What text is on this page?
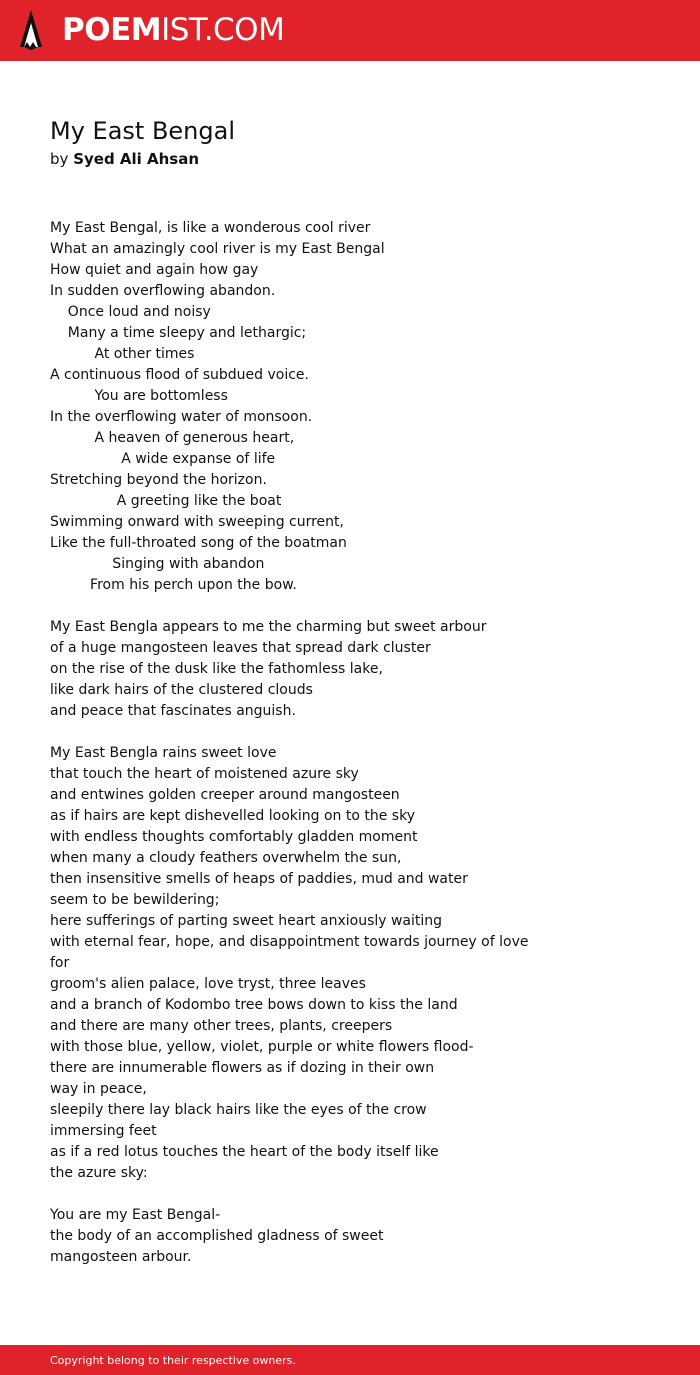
POEMIST.COM
My East Bengal
by Syed Ali Ahsan
My East Bengal, is like a wonderous cool river
What an amazingly cool river is my East Bengal
How quiet and again how gay
In sudden overflowing abandon.
Once loud and noisy
Many a time sleepy and lethargic;
At other times
A continuous flood of subdued voice.
You are bottomless
In the overflowing water of monsoon.
A heaven of generous heart,
A wide expanse of life
Stretching beyond the horizon.
A greeting like the boat
Swimming onward with sweeping current,
Like the full-throated song of the boatman
Singing with abandon
From his perch upon the bow.
My East Bengla appears to me the charming but sweet arbour
of a huge mangosteen leaves that spread dark cluster
on the rise of the dusk like the fathomless lake,
like dark hairs of the clustered clouds
and peace that fascinates anguish.
My East Bengla rains sweet love
that touch the heart of moistened azure sky
and entwines golden creeper around mangosteen
as if hairs are kept dishevelled looking on to the sky
with endless thoughts comfortably gladden moment
when many a cloudy feathers overwhelm the sun,
then insensitive smells of heaps of paddies, mud and water
seem to be bewildering;
here sufferings of parting sweet heart anxiously waiting
with eternal fear, hope, and disappointment towards journey of love
for
groom's alien palace, love tryst, three leaves
and a branch of Kodombo tree bows down to kiss the land
and there are many other trees, plants, creepers
with those blue, yellow, violet, purple or white flowers flood-
there are innumerable flowers as if dozing in their own
way in peace,
sleepily there lay black hairs like the eyes of the crow
immersing feet
as if a red lotus touches the heart of the body itself like
the azure sky:
You are my East Bengal-
the body of an accomplished gladness of sweet
mangosteen arbour.
Copyright belong to their respective owners.
